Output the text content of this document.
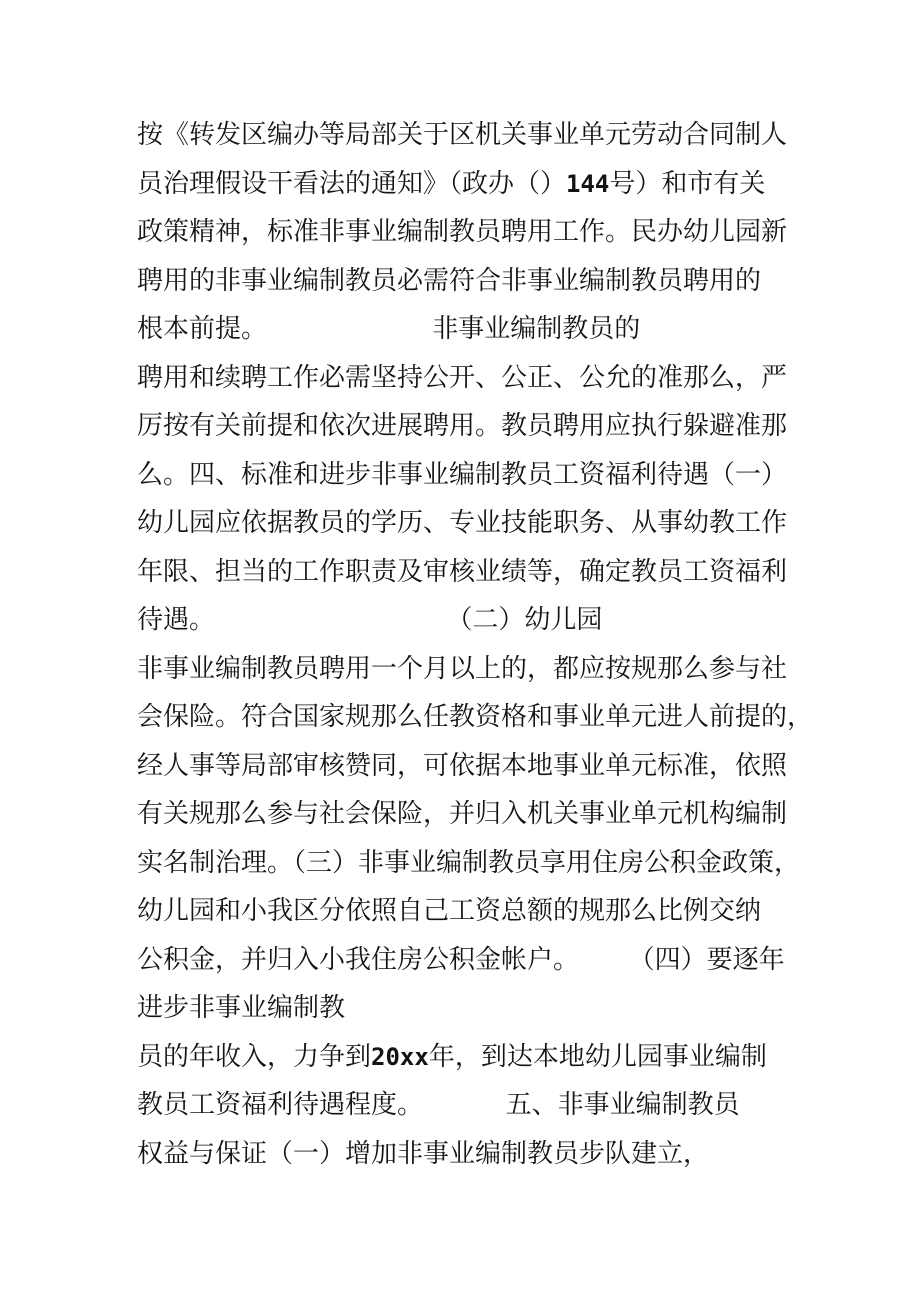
按《转发区编办等局部关于区机关事业单元劳动合同制人
员治理假设干看法的通知》（政办（）144号）和市有关
政策精神，标准非事业编制教员聘用工作。民办幼儿园新
聘用的非事业编制教员必需符合非事业编制教员聘用的
根本前提。                    非事业编制教员的
聘用和续聘工作必需坚持公开、公正、公允的准那么，严
厉按有关前提和依次进展聘用。教员聘用应执行躲避准那
么。四、标准和进步非事业编制教员工资福利待遇（一）
幼儿园应依据教员的学历、专业技能职务、从事幼教工作
年限、担当的工作职责及审核业绩等，确定教员工资福利
待遇。                            （二）幼儿园
非事业编制教员聘用一个月以上的，都应按规那么参与社
会保险。符合国家规那么任教资格和事业单元进人前提的，
经人事等局部审核赞同，可依据本地事业单元标准，依照
有关规那么参与社会保险，并归入机关事业单元机构编制
实名制治理。（三）非事业编制教员享用住房公积金政策，
幼儿园和小我区分依照自己工资总额的规那么比例交纳
公积金，并归入小我住房公积金帐户。      （四）要逐年
进步非事业编制教
员的年收入，力争到20xx年，到达本地幼儿园事业编制
教员工资福利待遇程度。          五、非事业编制教员
权益与保证（一）增加非事业编制教员步队建立，
